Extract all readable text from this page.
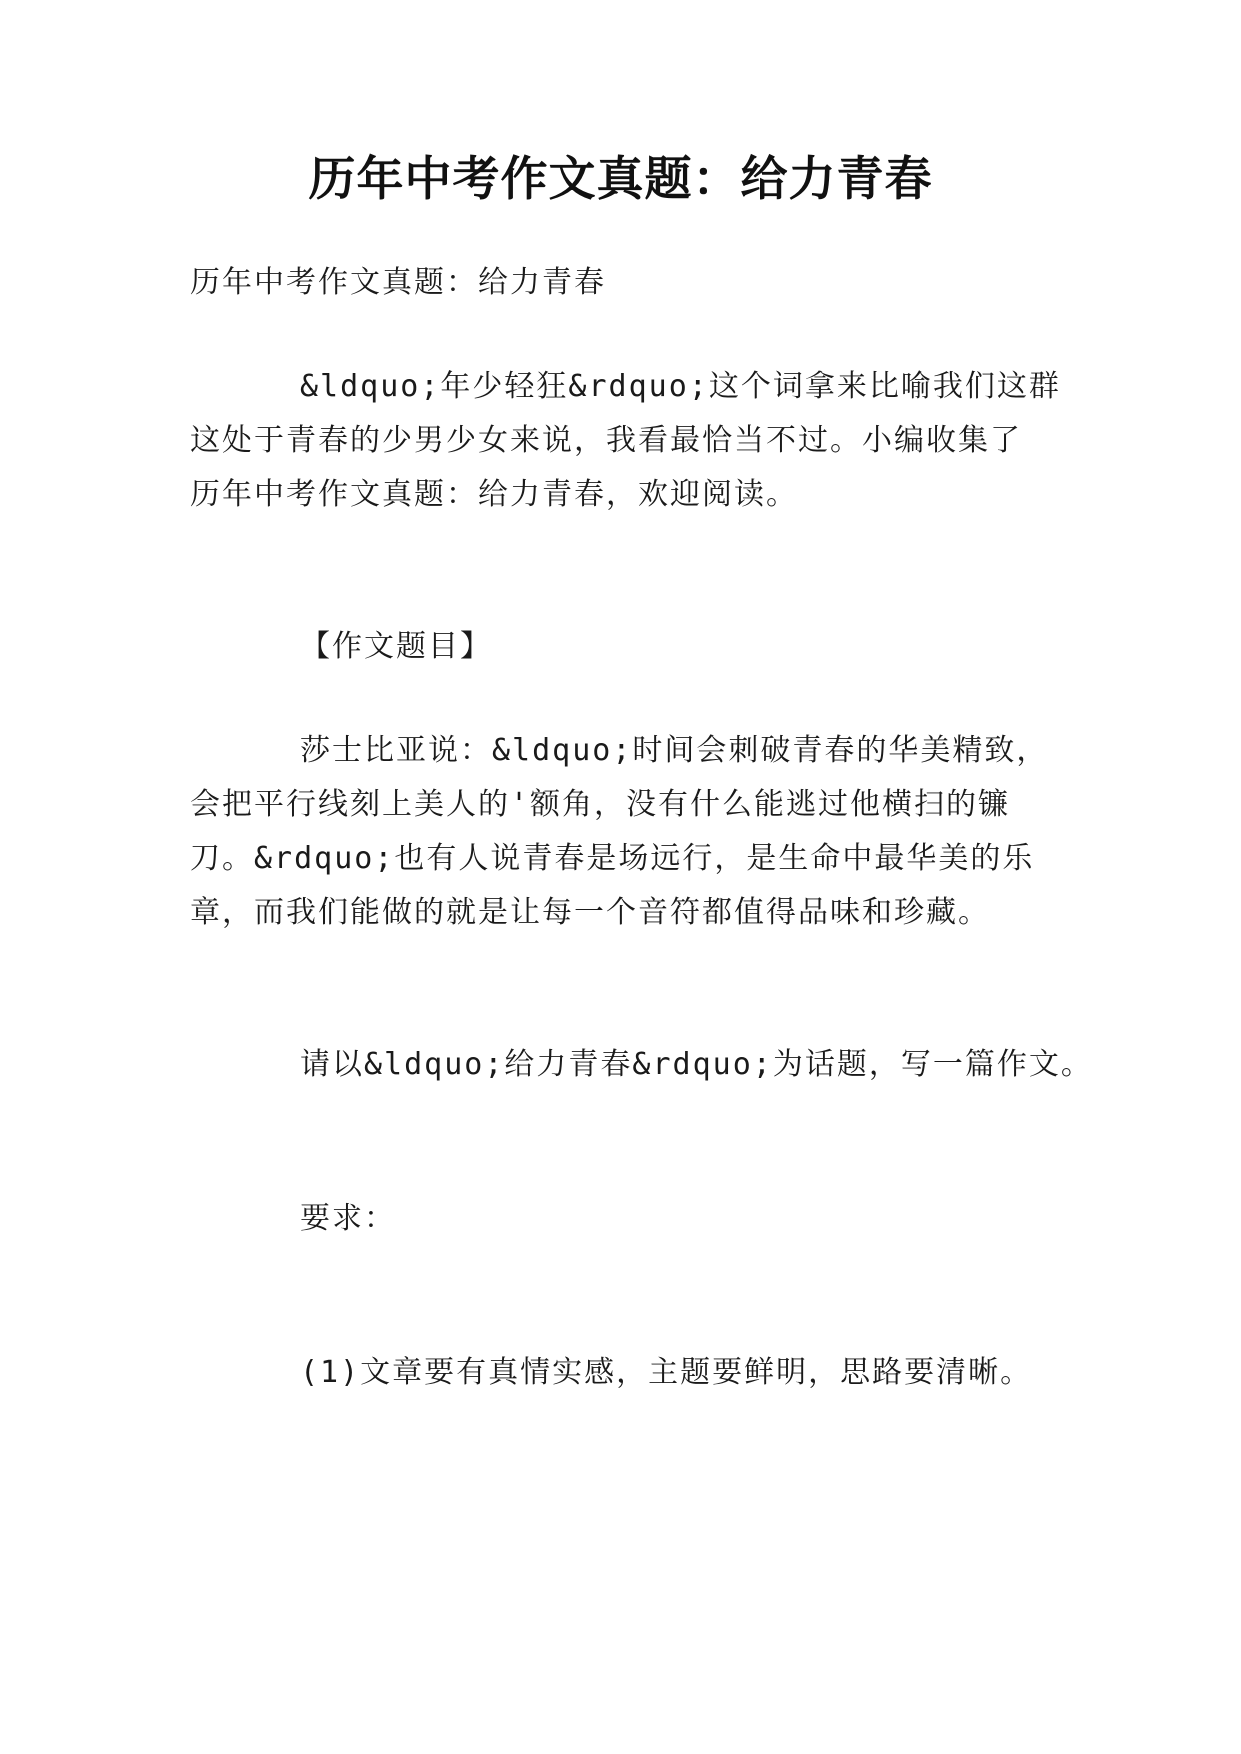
历年中考作文真题：给力青春
历年中考作文真题：给力青春
&ldquo;年少轻狂&rdquo;这个词拿来比喻我们这群
这处于青春的少男少女来说，我看最恰当不过。小编收集了
历年中考作文真题：给力青春，欢迎阅读。
【作文题目】
莎士比亚说：&ldquo;时间会刺破青春的华美精致，
会把平行线刻上美人的'额角，没有什么能逃过他横扫的镰
刀。&rdquo;也有人说青春是场远行，是生命中最华美的乐
章，而我们能做的就是让每一个音符都值得品味和珍藏。
请以&ldquo;给力青春&rdquo;为话题，写一篇作文。
要求：
(1)文章要有真情实感，主题要鲜明，思路要清晰。
